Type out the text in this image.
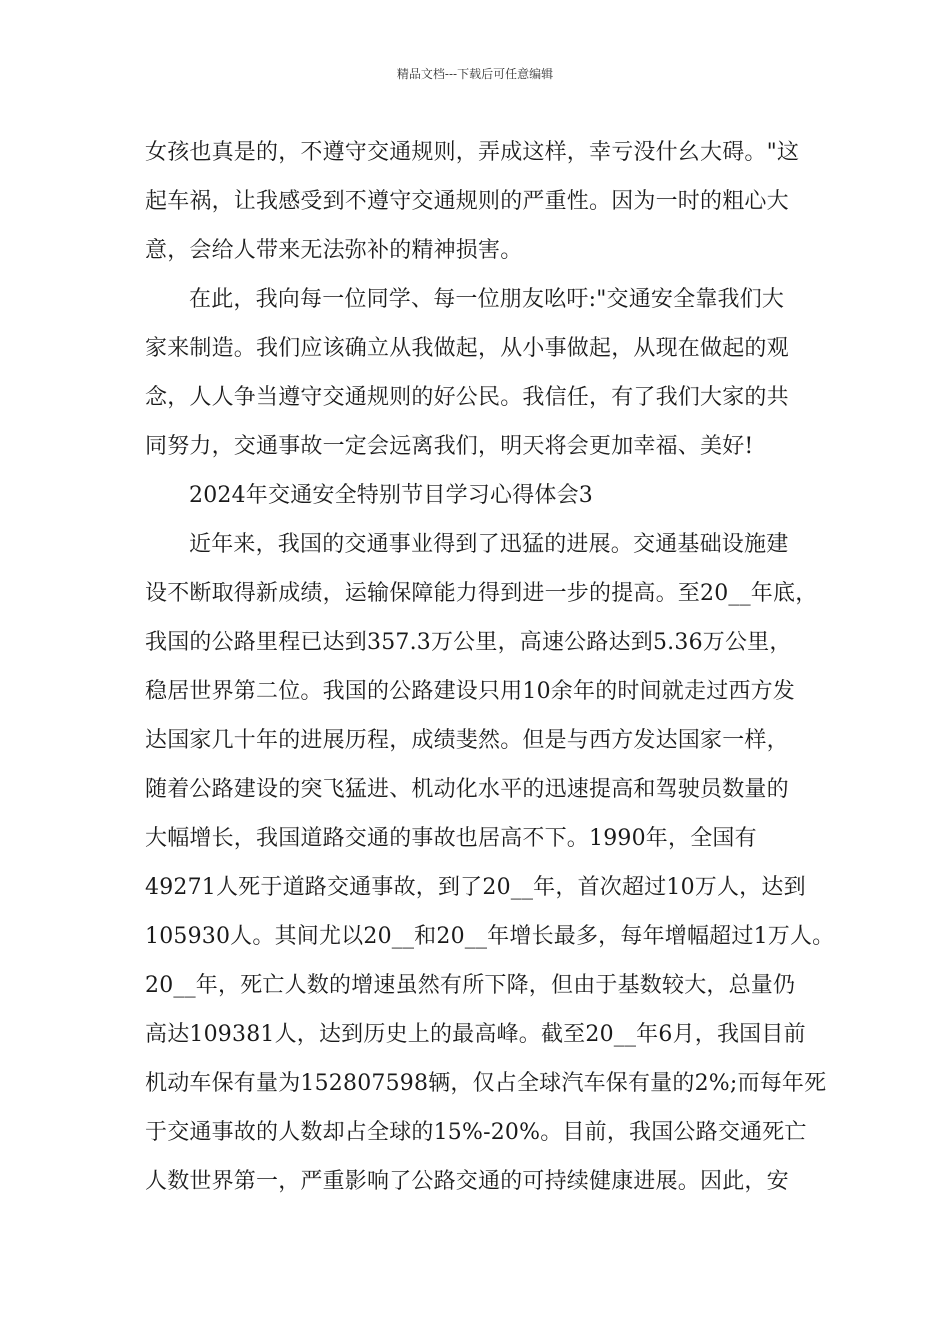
精品文档---下载后可任意编辑
女孩也真是的，不遵守交通规则，弄成这样，幸亏没什幺大碍。"这
起车祸，让我感受到不遵守交通规则的严重性。因为一时的粗心大
意，会给人带来无法弥补的精神损害。
在此，我向每一位同学、每一位朋友吆吁:"交通安全靠我们大
家来制造。我们应该确立从我做起，从小事做起，从现在做起的观
念，人人争当遵守交通规则的好公民。我信任，有了我们大家的共
同努力，交通事故一定会远离我们，明天将会更加幸福、美好!
2024年交通安全特别节目学习心得体会3
近年来，我国的交通事业得到了迅猛的进展。交通基础设施建
设不断取得新成绩，运输保障能力得到进一步的提高。至20__年底，
我国的公路里程已达到357.3万公里，高速公路达到5.36万公里，
稳居世界第二位。我国的公路建设只用10余年的时间就走过西方发
达国家几十年的进展历程，成绩斐然。但是与西方发达国家一样，
随着公路建设的突飞猛进、机动化水平的迅速提高和驾驶员数量的
大幅增长，我国道路交通的事故也居高不下。1990年，全国有
49271人死于道路交通事故，到了20__年，首次超过10万人，达到
105930人。其间尤以20__和20__年增长最多，每年增幅超过1万人。
20__年，死亡人数的增速虽然有所下降，但由于基数较大，总量仍
高达109381人，达到历史上的最高峰。截至20__年6月，我国目前
机动车保有量为152807598辆，仅占全球汽车保有量的2%;而每年死
于交通事故的人数却占全球的15%-20%。目前，我国公路交通死亡
人数世界第一，严重影响了公路交通的可持续健康进展。因此，安
